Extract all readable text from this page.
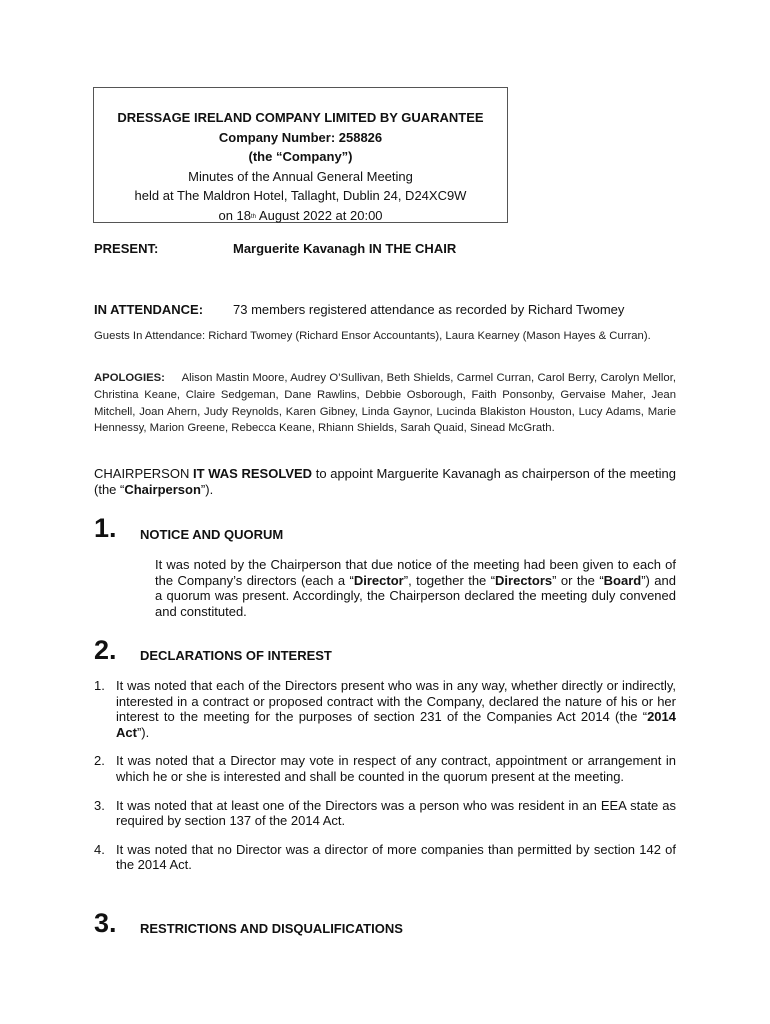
DRESSAGE IRELAND COMPANY LIMITED BY GUARANTEE
Company Number: 258826
(the “Company”)
Minutes of the Annual General Meeting
held at The Maldron Hotel, Tallaght, Dublin 24, D24XC9W
on 18th August 2022 at 20:00
PRESENT:	Marguerite Kavanagh IN THE CHAIR
IN ATTENDANCE: 73 members registered attendance as recorded by Richard Twomey
Guests In Attendance: Richard Twomey (Richard Ensor Accountants), Laura Kearney (Mason Hayes & Curran).
APOLOGIES: Alison Mastin Moore, Audrey O’Sullivan, Beth Shields, Carmel Curran, Carol Berry, Carolyn Mellor, Christina Keane, Claire Sedgeman, Dane Rawlins, Debbie Osborough, Faith Ponsonby, Gervaise Maher, Jean Mitchell, Joan Ahern, Judy Reynolds, Karen Gibney, Linda Gaynor, Lucinda Blakiston Houston, Lucy Adams, Marie Hennessy, Marion Greene, Rebecca Keane, Rhiann Shields, Sarah Quaid, Sinead McGrath.
CHAIRPERSON IT WAS RESOLVED to appoint Marguerite Kavanagh as chairperson of the meeting (the “Chairperson”).
1. NOTICE AND QUORUM
It was noted by the Chairperson that due notice of the meeting had been given to each of the Company’s directors (each a “Director”, together the “Directors” or the “Board”) and a quorum was present. Accordingly, the Chairperson declared the meeting duly convened and constituted.
2. DECLARATIONS OF INTEREST
1. It was noted that each of the Directors present who was in any way, whether directly or indirectly, interested in a contract or proposed contract with the Company, declared the nature of his or her interest to the meeting for the purposes of section 231 of the Companies Act 2014 (the “2014 Act”).
2. It was noted that a Director may vote in respect of any contract, appointment or arrangement in which he or she is interested and shall be counted in the quorum present at the meeting.
3. It was noted that at least one of the Directors was a person who was resident in an EEA state as required by section 137 of the 2014 Act.
4. It was noted that no Director was a director of more companies than permitted by section 142 of the 2014 Act.
3. RESTRICTIONS AND DISQUALIFICATIONS
